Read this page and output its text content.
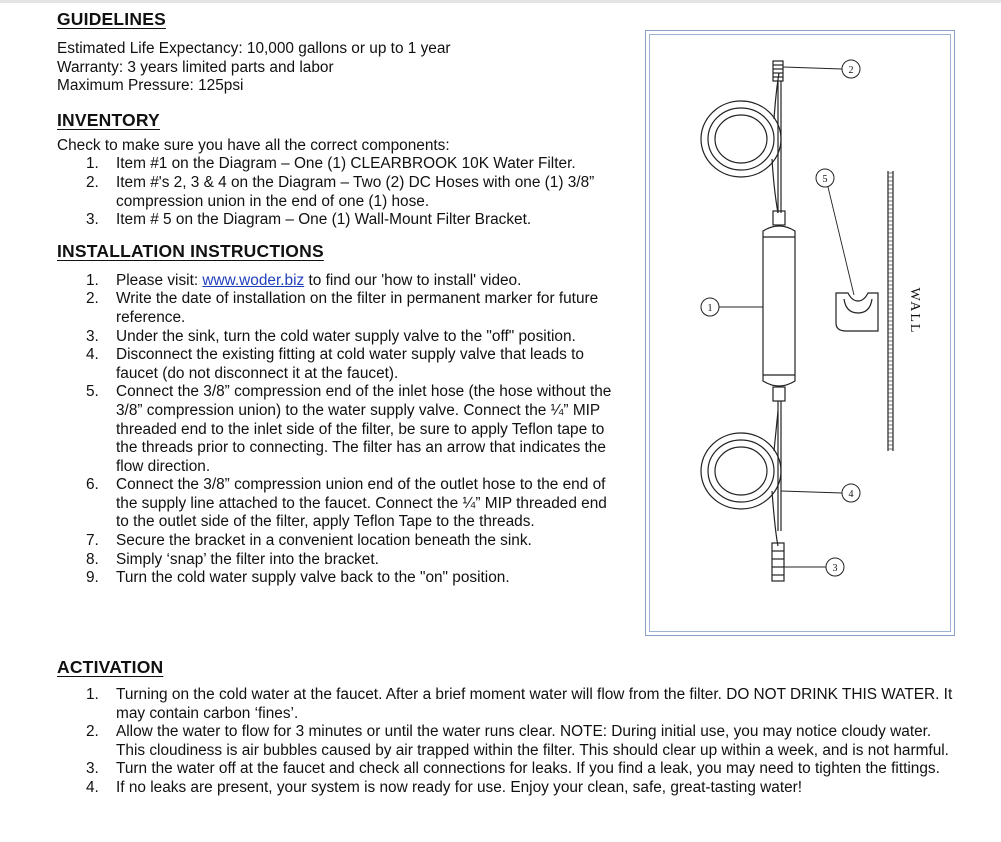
GUIDELINES

Estimated Life Expectancy: 10,000 gallons or up to 1 year

Warranty: 3 years limited parts and labor

Maximum Pressure: 125psi

INVENTORY

Check to make sure you have all the correct components:

1. Item #1 on the Diagram – One (1) CLEARBROOK 10K Water Filter.
2. Item #'s 2, 3 & 4 on the Diagram – Two (2) DC Hoses with one (1) 3/8” compression union in the end of one (1) hose.
3. Item # 5 on the Diagram – One (1) Wall-Mount Filter Bracket.
INSTALLATION INSTRUCTIONS
1. Please visit: www.woder.biz to find our 'how to install' video.
2. Write the date of installation on the filter in permanent marker for future reference.
3. Under the sink, turn the cold water supply valve to the "off" position.
4. Disconnect the existing fitting at cold water supply valve that leads to faucet (do not disconnect it at the faucet).
5. Connect the 3/8” compression end of the inlet hose (the hose without the 3/8” compression union) to the water supply valve. Connect the ¼” MIP threaded end to the inlet side of the filter, be sure to apply Teflon tape to the threads prior to connecting. The filter has an arrow that indicates the flow direction.
6. Connect the 3/8” compression union end of the outlet hose to the end of the supply line attached to the faucet. Connect the ¼” MIP threaded end to the outlet side of the filter, apply Teflon Tape to the threads.
7. Secure the bracket in a convenient location beneath the sink.
8. Simply ‘snap’ the filter into the bracket.
9. Turn the cold water supply valve back to the "on" position.
ACTIVATION
1. Turning on the cold water at the faucet. After a brief moment water will flow from the filter. DO NOT DRINK THIS WATER. It may contain carbon ‘fines’.
2. Allow the water to flow for 3 minutes or until the water runs clear. NOTE: During initial use, you may notice cloudy water. This cloudiness is air bubbles caused by air trapped within the filter. This should clear up within a week, and is not harmful.
3. Turn the water off at the faucet and check all connections for leaks. If you find a leak, you may need to tighten the fittings.
4. If no leaks are present, your system is now ready for use. Enjoy your clean, safe, great-tasting water!
2
1
3
4
5
WALL
